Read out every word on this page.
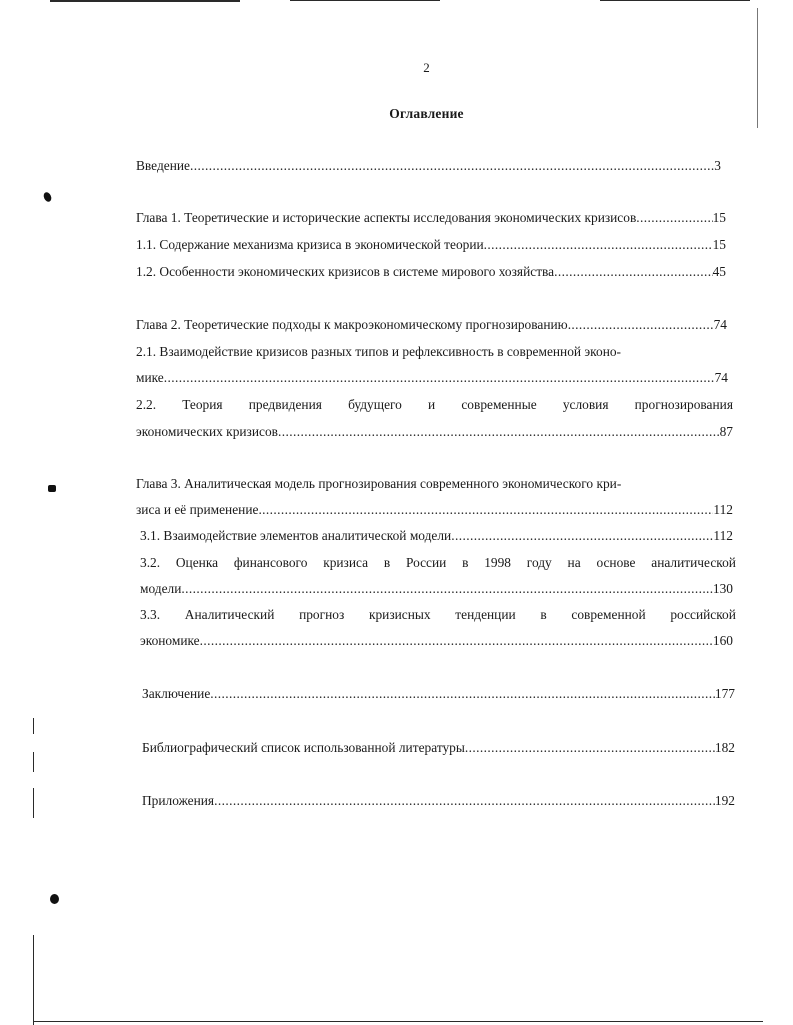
2
Оглавление
Введение .....	3
Глава 1. Теоретические и исторические аспекты исследования экономических кризисов .....	15
1.1. Содержание механизма кризиса в экономической теории .....	15
1.2. Особенности экономических кризисов в системе мирового хозяйства .....	45
Глава 2. Теоретические подходы к макроэкономическому прогнозированию .....	74
2.1. Взаимодействие кризисов разных типов и рефлексивность в современной эконо-
мике .....	74
2.2. Теория предвидения будущего и современные условия прогнозирования
экономических кризисов .....	87
Глава 3. Аналитическая модель прогнозирования современного экономического кри-
зиса и её применение .....	112
3.1. Взаимодействие элементов аналитической модели .....	112
3.2. Оценка финансового кризиса в России в 1998 году на основе аналитической
модели .....	130
3.3. Аналитический прогноз кризисных тенденции в современной российской
экономике .....	160
Заключение .....	177
Библиографический список использованной литературы .....	182
Приложения .....	192
